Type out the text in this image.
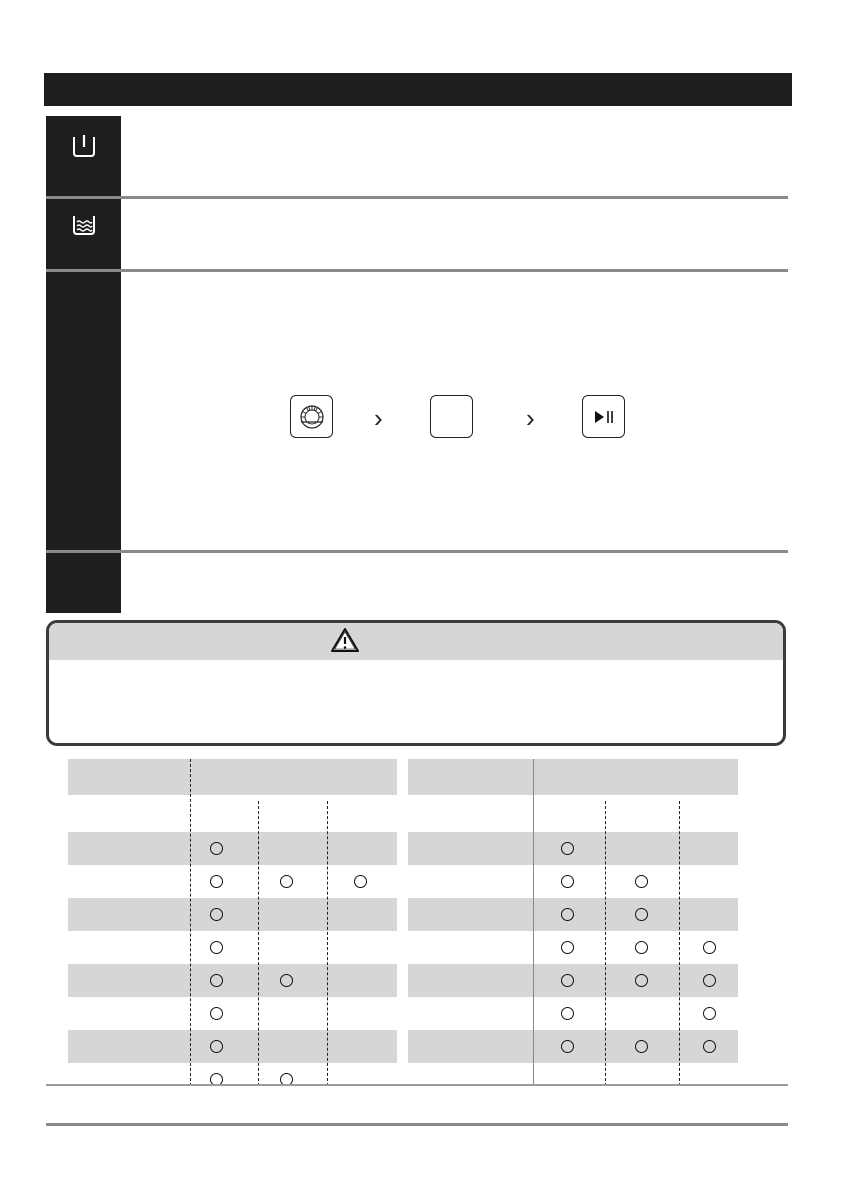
›	›
